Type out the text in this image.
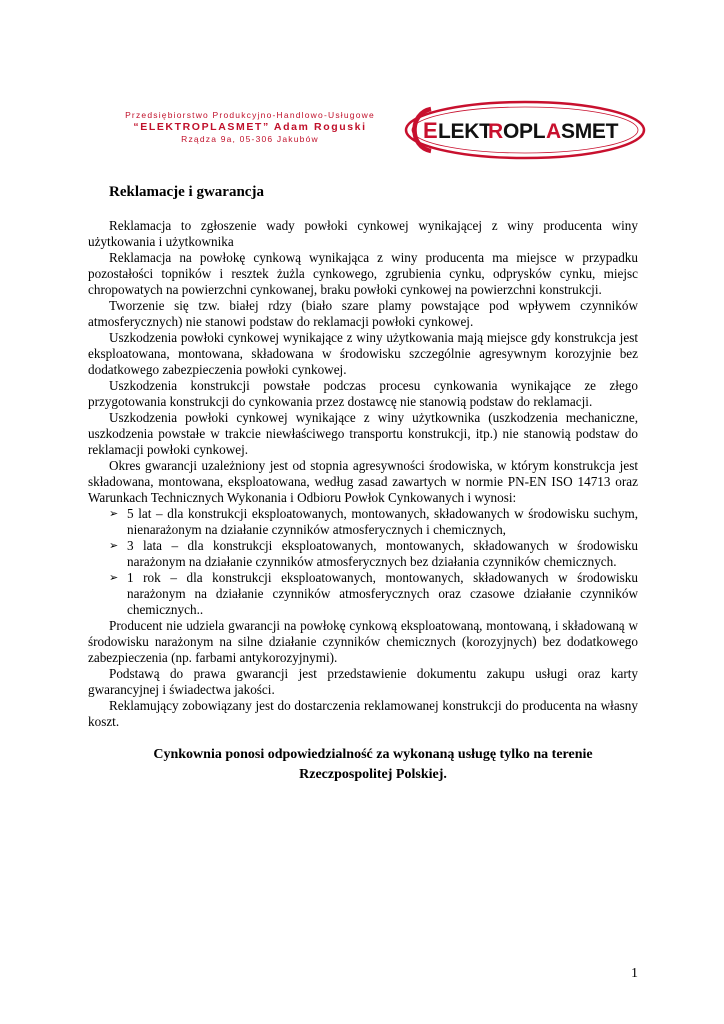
Przedsiębiorstwo Produkcyjno-Handlowo-Usługowe
“ELEKTROPLASMET” Adam Roguski
Rządza 9a, 05-306 Jakubów	E LEKT
R OPL A SMET
Reklamacje i gwarancja

Reklamacja to zgłoszenie wady powłoki cynkowej wynikającej z winy producenta winy użytkowania i użytkownika

Reklamacja na powłokę cynkową wynikająca z winy producenta ma miejsce w przypadku pozostałości topników i resztek żużla cynkowego, zgrubienia cynku, odprysków cynku, miejsc chropowatych na powierzchni cynkowanej, braku powłoki cynkowej na powierzchni konstrukcji.

Tworzenie się tzw. białej rdzy (biało szare plamy powstające pod wpływem czynników atmosferycznych) nie stanowi podstaw do reklamacji powłoki cynkowej.

Uszkodzenia powłoki cynkowej wynikające z winy użytkowania mają miejsce gdy konstrukcja jest eksploatowana, montowana, składowana w środowisku szczególnie agresywnym korozyjnie bez dodatkowego zabezpieczenia powłoki cynkowej.

Uszkodzenia konstrukcji powstałe podczas procesu cynkowania wynikające ze złego przygotowania konstrukcji do cynkowania przez dostawcę nie stanowią podstaw do reklamacji.

Uszkodzenia powłoki cynkowej wynikające z winy użytkownika (uszkodzenia mechaniczne, uszkodzenia powstałe w trakcie niewłaściwego transportu konstrukcji, itp.) nie stanowią podstaw do reklamacji powłoki cynkowej.

Okres gwarancji uzależniony jest od stopnia agresywności środowiska, w którym konstrukcja jest składowana, montowana, eksploatowana, według zasad zawartych w normie PN-EN ISO 14713 oraz Warunkach Technicznych Wykonania i Odbioru Powłok Cynkowanych i wynosi:

➢ 5 lat – dla konstrukcji eksploatowanych, montowanych, składowanych w środowisku suchym, nienarażonym na działanie czynników atmosferycznych i chemicznych,
➢ 3 lata – dla konstrukcji eksploatowanych, montowanych, składowanych w środowisku narażonym na działanie czynników atmosferycznych bez działania czynników chemicznych.
➢ 1 rok – dla konstrukcji eksploatowanych, montowanych, składowanych w środowisku narażonym na działanie czynników atmosferycznych oraz czasowe działanie czynników chemicznych..

Producent nie udziela gwarancji na powłokę cynkową eksploatowaną, montowaną, i składowaną w środowisku narażonym na silne działanie czynników chemicznych (korozyjnych) bez dodatkowego zabezpieczenia (np. farbami antykorozyjnymi).

Podstawą do prawa gwarancji jest przedstawienie dokumentu zakupu usługi oraz karty gwarancyjnej i świadectwa jakości.

Reklamujący zobowiązany jest do dostarczenia reklamowanej konstrukcji do producenta na własny koszt.

Cynkownia ponosi odpowiedzialność za wykonaną usługę tylko na terenie
Rzeczpospolitej Polskiej.
1
